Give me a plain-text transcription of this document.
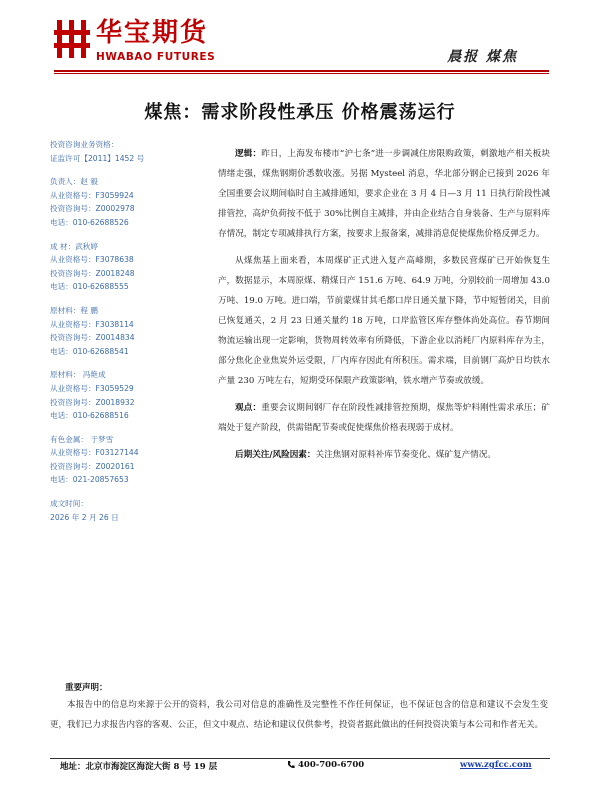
华宝期货
HWABAO FUTURES	晨报 煤焦
煤焦：需求阶段性承压 价格震荡运行
投资咨询业务资格：
证监许可【2011】1452 号
负责人：赵 毅
从业资格号：F3059924
投资咨询号：Z0002978
电话：010-62688526
成 材：武秋婷
从业资格号：F3078638
投资咨询号：Z0018248
电话：010-62688555
原材料：程 鹏
从业资格号：F3038114
投资咨询号：Z0014834
电话：010-62688541
原材料： 冯艳成
从业资格号：F3059529
投资咨询号：Z0018932
电话：010-62688516
有色金属： 于梦雪
从业资格号：F03127144
投资咨询号：Z0020161
电话：021-20857653
成文时间：
2026 年 2 月 26 日

逻辑：昨日，上海发布楼市“沪七条”进一步调减住房限购政策，刺激地产相关板块情绪走强，煤焦钢期价悉数收涨。另据 Mysteel 消息，华北部分钢企已接到 2026 年全国重要会议期间临时自主减排通知，要求企业在 3 月 4 日—3 月 11 日执行阶段性减排管控，高炉负荷按不低于 30%比例自主减排，并由企业结合自身装备、生产与原料库存情况，制定专项减排执行方案，按要求上报备案，减排消息促使煤焦价格反弹乏力。

从煤焦基上面来看，本周煤矿正式进入复产高峰期，多数民营煤矿已开始恢复生产，数据显示，本周原煤、精煤日产 151.6 万吨、64.9 万吨，分别较前一周增加 43.0 万吨、19.0 万吨。进口端，节前蒙煤甘其毛都口岸日通关量下降，节中短暂闭关，目前已恢复通关，2 月 23 日通关量约 18 万吨，口岸监管区库存整体尚处高位。春节期间物流运输出现一定影响，货物周转效率有所降低，下游企业以消耗厂内原料库存为主，部分焦化企业焦炭外运受限，厂内库存因此有所积压。需求端，目前钢厂高炉日均铁水产量 230 万吨左右，短期受环保限产政策影响，铁水增产节奏或放缓。

观点：重要会议期间钢厂存在阶段性减排管控预期，煤焦等炉料刚性需求承压；矿端处于复产阶段，供需错配节奏或促使煤焦价格表现弱于成材。

后期关注/风险因素：关注焦钢对原料补库节奏变化、煤矿复产情况。

重要声明：
本报告中的信息均来源于公开的资料，我公司对信息的准确性及完整性不作任何保证，也不保证包含的信息和建议不会发生变更，我们已力求报告内容的客观、公正，但文中观点、结论和建议仅供参考，投资者据此做出的任何投资决策与本公司和作者无关。
地址：北京市海淀区海淀大街 8 号 19 层	400-700-6700	www.zgfcc.com
